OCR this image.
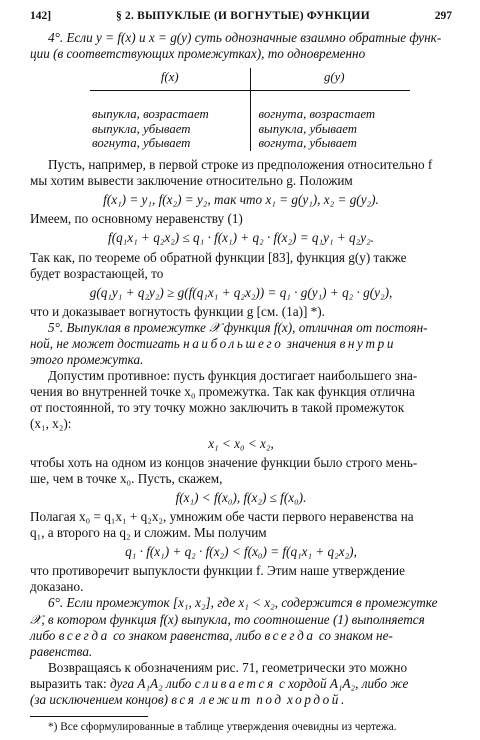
142]	§ 2. ВЫПУКЛЫЕ (И ВОГНУТЫЕ) ФУНКЦИИ	297

4°. Если y = f(x) и x = g(y) суть однозначные взаимно обратные функ-
ции (в соответствующих промежутках), то одновременно

f(x)	g(y)

выпукла, возрастает	вогнута, возрастает
выпукла, убывает	выпукла, убывает
вогнута, убывает	вогнута, убывает

Пусть, например, в первой строке из предположения относительно f
мы хотим вывести заключение относительно g. Положим

f(x₁) = y₁, f(x₂) = y₂, так что x₁ = g(y₁), x₂ = g(y₂).

Имеем, по основному неравенству (1)

f(q₁x₁ + q₂x₂) ≤ q₁ · f(x₁) + q₂ · f(x₂) = q₁y₁ + q₂y₂.

Так как, по теореме об обратной функции [83], функция g(y) также
будет возрастающей, то

g(q₁y₁ + q₂y₂) ≥ g(f(q₁x₁ + q₂x₂)) = q₁ · g(y₁) + q₂ · g(y₂),

что и доказывает вогнутость функции g [см. (1а)] *).

5°. Выпуклая в промежутке 𝒳 функция f(x), отличная от постоян-
ной, не может достигать наибольшего значения внутри
этого промежутка.

Допустим противное: пусть функция достигает наибольшего зна-
чения во внутренней точке x₀ промежутка. Так как функция отлична
от постоянной, то эту точку можно заключить в такой промежуток
(x₁, x₂):

x₁ < x₀ < x₂,

чтобы хоть на одном из концов значение функции было строго мень-
ше, чем в точке x₀. Пусть, скажем,

f(x₁) < f(x₀), f(x₂) ≤ f(x₀).

Полагая x₀ = q₁x₁ + q₂x₂, умножим обе части первого неравенства на
q₁, а второго на q₂ и сложим. Мы получим

q₁ · f(x₁) + q₂ · f(x₂) < f(x₀) = f(q₁x₁ + q₂x₂),

что противоречит выпуклости функции f. Этим наше утверждение
доказано.

6°. Если промежуток [x₁, x₂], где x₁ < x₂, содержится в промежутке
𝒳, в котором функция f(x) выпукла, то соотношение (1) выполняется
либо всегда со знаком равенства, либо всегда со знаком не-
равенства.

Возвращаясь к обозначениям рис. 71, геометрически это можно
выразить так: дуга A₁A₂ либо сливается с хордой A₁A₂, либо же
(за исключением концов) вся лежит под хордой.

*) Все сформулированные в таблице утверждения очевидны из чертежа.
